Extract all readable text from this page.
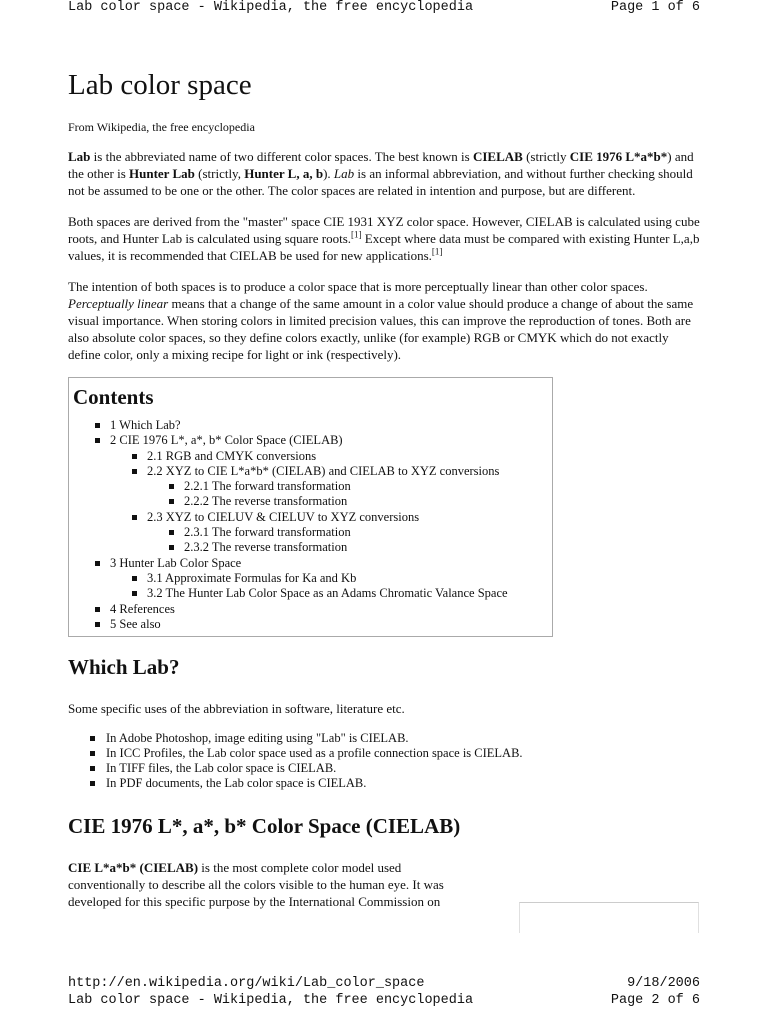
Lab color space - Wikipedia, the free encyclopedia	Page 1 of 6
Lab color space
From Wikipedia, the free encyclopedia

Lab is the abbreviated name of two different color spaces. The best known is CIELAB (strictly CIE 1976 L*a*b*) and the other is Hunter Lab (strictly, Hunter L, a, b). Lab is an informal abbreviation, and without further checking should not be assumed to be one or the other. The color spaces are related in intention and purpose, but are different.

Both spaces are derived from the "master" space CIE 1931 XYZ color space. However, CIELAB is calculated using cube roots, and Hunter Lab is calculated using square roots.[1] Except where data must be compared with existing Hunter L,a,b values, it is recommended that CIELAB be used for new applications.[1]

The intention of both spaces is to produce a color space that is more perceptually linear than other color spaces. Perceptually linear means that a change of the same amount in a color value should produce a change of about the same visual importance. When storing colors in limited precision values, this can improve the reproduction of tones. Both are also absolute color spaces, so they define colors exactly, unlike (for example) RGB or CMYK which do not exactly define color, only a mixing recipe for light or ink (respectively).

Contents
1 Which Lab?
2 CIE 1976 L*, a*, b* Color Space (CIELAB)
2.1 RGB and CMYK conversions
2.2 XYZ to CIE L*a*b* (CIELAB) and CIELAB to XYZ conversions
2.2.1 The forward transformation
2.2.2 The reverse transformation
2.3 XYZ to CIELUV & CIELUV to XYZ conversions
2.3.1 The forward transformation
2.3.2 The reverse transformation
3 Hunter Lab Color Space
3.1 Approximate Formulas for Ka and Kb
3.2 The Hunter Lab Color Space as an Adams Chromatic Valance Space
4 References
5 See also
Which Lab?

Some specific uses of the abbreviation in software, literature etc.

In Adobe Photoshop, image editing using "Lab" is CIELAB.
In ICC Profiles, the Lab color space used as a profile connection space is CIELAB.
In TIFF files, the Lab color space is CIELAB.
In PDF documents, the Lab color space is CIELAB.
CIE 1976 L*, a*, b* Color Space (CIELAB)

CIE L*a*b* (CIELAB) is the most complete color model used conventionally to describe all the colors visible to the human eye. It was developed for this specific purpose by the International Commission on

http://en.wikipedia.org/wiki/Lab_color_space	9/18/2006
Lab color space - Wikipedia, the free encyclopedia	Page 2 of 6
